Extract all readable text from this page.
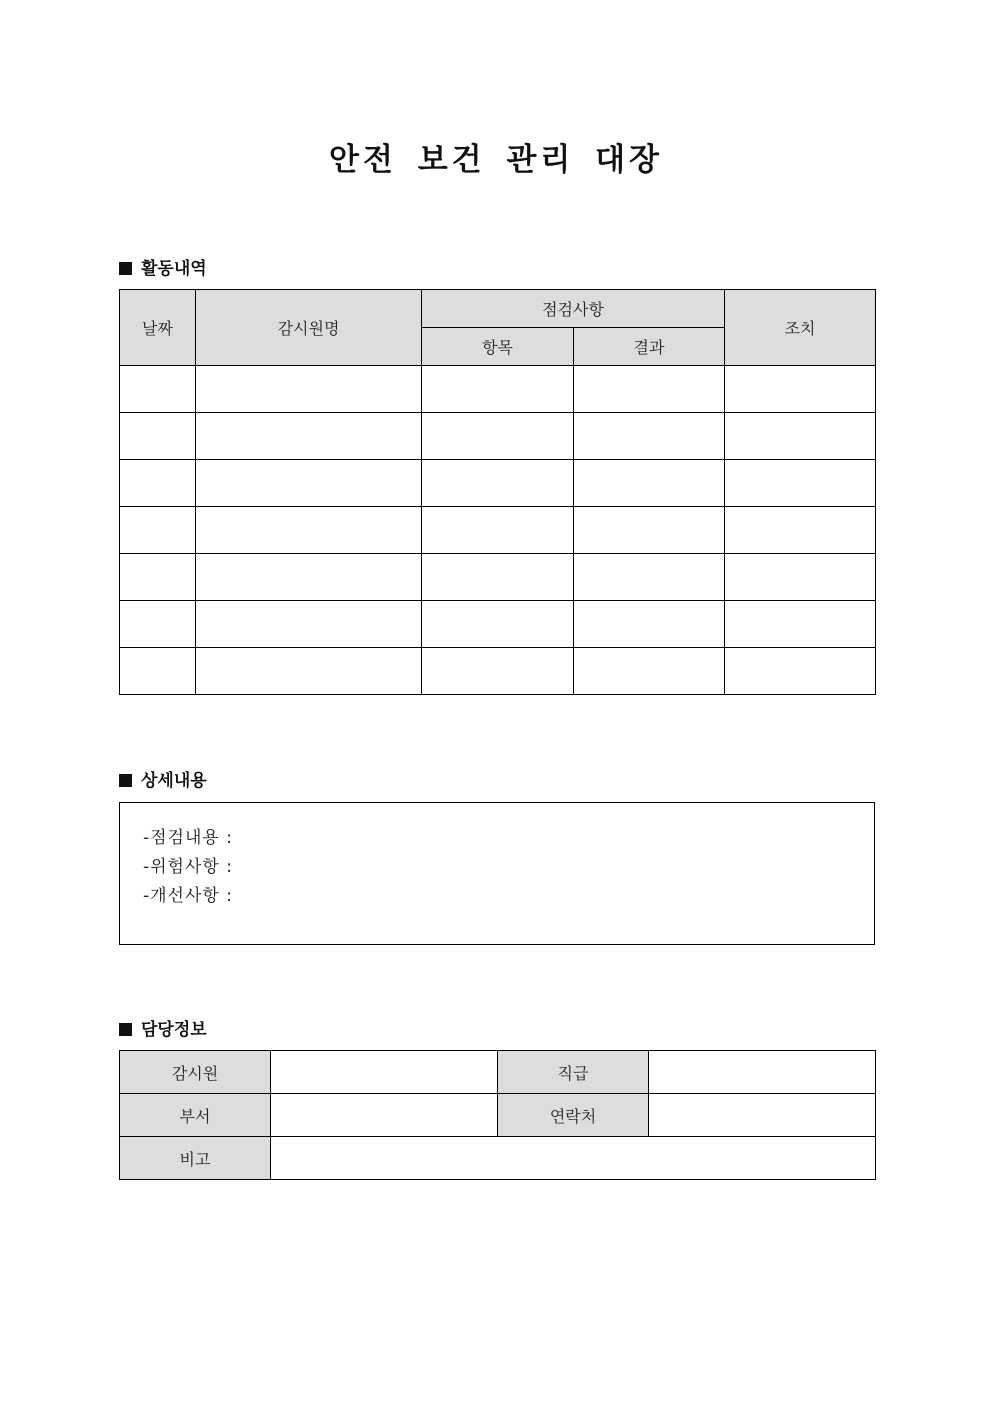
안전 보건 관리 대장
활동내역
날짜	감시원명	점검사항		조치
		항목	결과	

상세내용
-점검내용 :
-위험사항 :
-개선사항 :
담당정보
감시원		직급	
부서		연락처	
비고			
